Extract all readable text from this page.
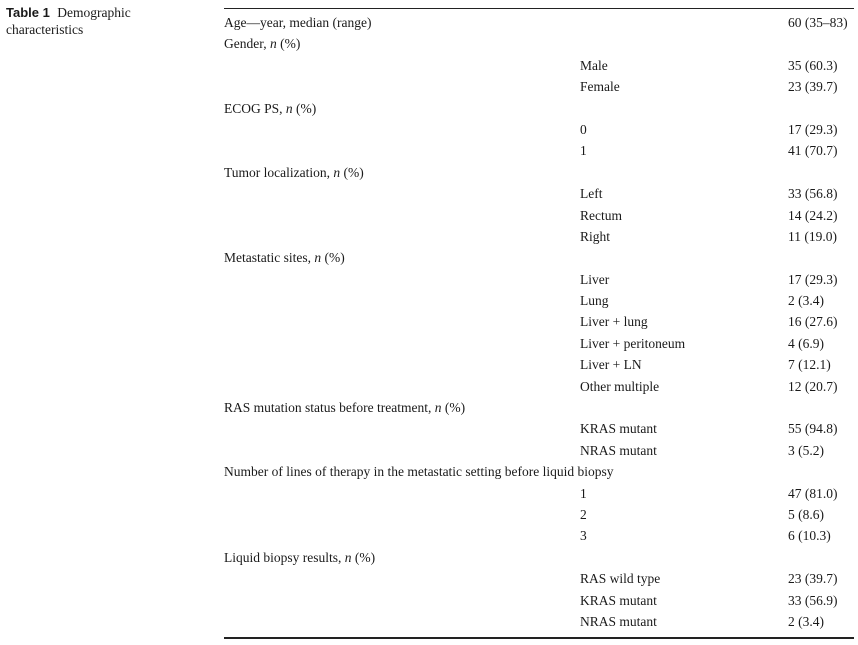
Table 1 Demographic characteristics	Age—year, median (range)	60 (35–83)
Gender, n (%)
Male	35 (60.3)
Female	23 (39.7)
ECOG PS, n (%)
0	17 (29.3)
1	41 (70.7)
Tumor localization, n (%)
Left	33 (56.8)
Rectum	14 (24.2)
Right	11 (19.0)
Metastatic sites, n (%)
Liver	17 (29.3)
Lung	2 (3.4)
Liver + lung	16 (27.6)
Liver + peritoneum	4 (6.9)
Liver + LN	7 (12.1)
Other multiple	12 (20.7)
RAS mutation status before treatment, n (%)
KRAS mutant	55 (94.8)
NRAS mutant	3 (5.2)
Number of lines of therapy in the metastatic setting before liquid biopsy
1	47 (81.0)
2	5 (8.6)
3	6 (10.3)
Liquid biopsy results, n (%)
RAS wild type	23 (39.7)
KRAS mutant	33 (56.9)
NRAS mutant	2 (3.4)
